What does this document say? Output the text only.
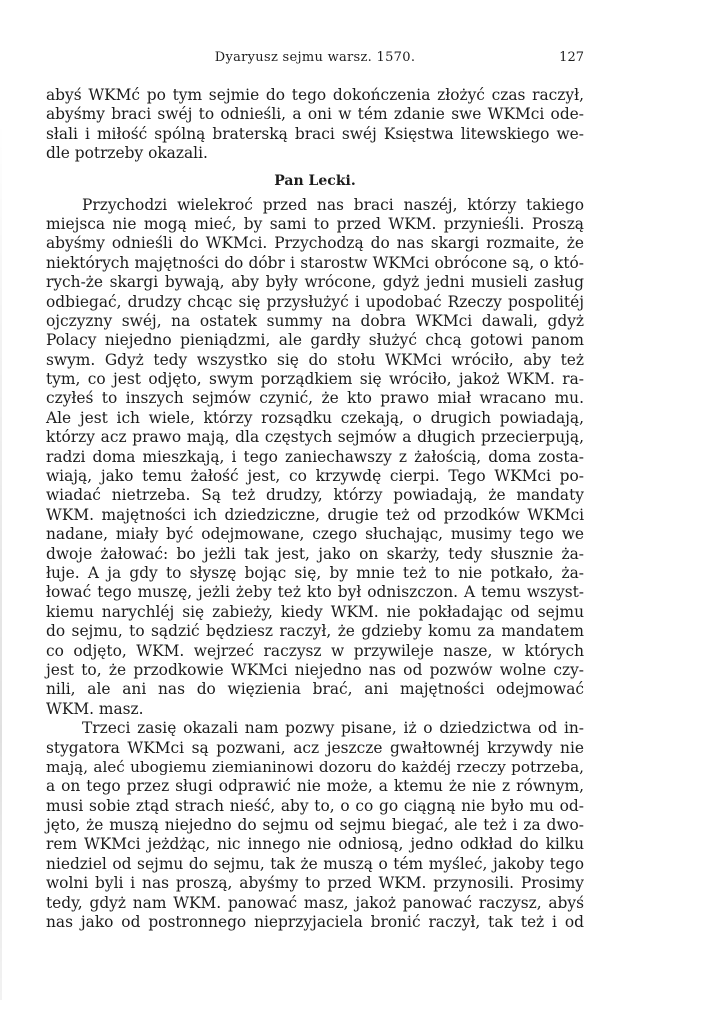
Dyaryusz sejmu warsz. 1570.	127
abyś WKMć po tym sejmie do tego dokończenia złożyć czas raczył,
abyśmy braci swéj to odnieśli, a oni w tém zdanie swe WKMci ode-
słali i miłość spólną braterską braci swéj Księstwa litewskiego we-
dle potrzeby okazali.
Pan Lecki.
Przychodzi wielekroć przed nas braci naszéj, którzy takiego
miejsca nie mogą mieć, by sami to przed WKM. przynieśli. Proszą
abyśmy odnieśli do WKMci. Przychodzą do nas skargi rozmaite, że
niektórych majętności do dóbr i starostw WKMci obrócone są, o któ-
rych-że skargi bywają, aby były wrócone, gdyż jedni musieli zasług
odbiegać, drudzy chcąc się przysłużyć i upodobać Rzeczy pospolitéj
ojczyzny swéj, na ostatek summy na dobra WKMci dawali, gdyż
Polacy niejedno pieniądzmi, ale gardły służyć chcą gotowi panom
swym. Gdyż tedy wszystko się do stołu WKMci wróciło, aby też
tym, co jest odjęto, swym porządkiem się wróciło, jakoż WKM. ra-
czyłeś to inszych sejmów czynić, że kto prawo miał wracano mu.
Ale jest ich wiele, którzy rozsądku czekają, o drugich powiadają,
którzy acz prawo mają, dla częstych sejmów a długich przecierpują,
radzi doma mieszkają, i tego zaniechawszy z żałością, doma zosta-
wiają, jako temu żałość jest, co krzywdę cierpi. Tego WKMci po-
wiadać nietrzeba. Są też drudzy, którzy powiadają, że mandaty
WKM. majętności ich dziedziczne, drugie też od przodków WKMci
nadane, miały być odejmowane, czego słuchając, musimy tego we
dwoje żałować: bo jeżli tak jest, jako on skarży, tedy słusznie ża-
łuje. A ja gdy to słyszę bojąc się, by mnie też to nie potkało, ża-
łować tego muszę, jeżli żeby też kto był odniszczon. A temu wszyst-
kiemu narychléj się zabieży, kiedy WKM. nie pokładając od sejmu
do sejmu, to sądzić będziesz raczył, że gdzieby komu za mandatem
co odjęto, WKM. wejrzeć raczysz w przywileje nasze, w których
jest to, że przodkowie WKMci niejedno nas od pozwów wolne czy-
nili, ale ani nas do więzienia brać, ani majętności odejmować
WKM. masz.
Trzeci zasię okazali nam pozwy pisane, iż o dziedzictwa od in-
stygatora WKMci są pozwani, acz jeszcze gwałtownéj krzywdy nie
mają, aleć ubogiemu ziemianinowi dozoru do każdéj rzeczy potrzeba,
a on tego przez sługi odprawić nie może, a ktemu że nie z równym,
musi sobie ztąd strach nieść, aby to, o co go ciągną nie było mu od-
jęto, że muszą niejedno do sejmu od sejmu biegać, ale też i za dwo-
rem WKMci jeżdżąc, nic innego nie odniosą, jedno odkład do kilku
niedziel od sejmu do sejmu, tak że muszą o tém myśleć, jakoby tego
wolni byli i nas proszą, abyśmy to przed WKM. przynosili. Prosimy
tedy, gdyż nam WKM. panować masz, jakoż panować raczysz, abyś
nas jako od postronnego nieprzyjaciela bronić raczył, tak też i od
